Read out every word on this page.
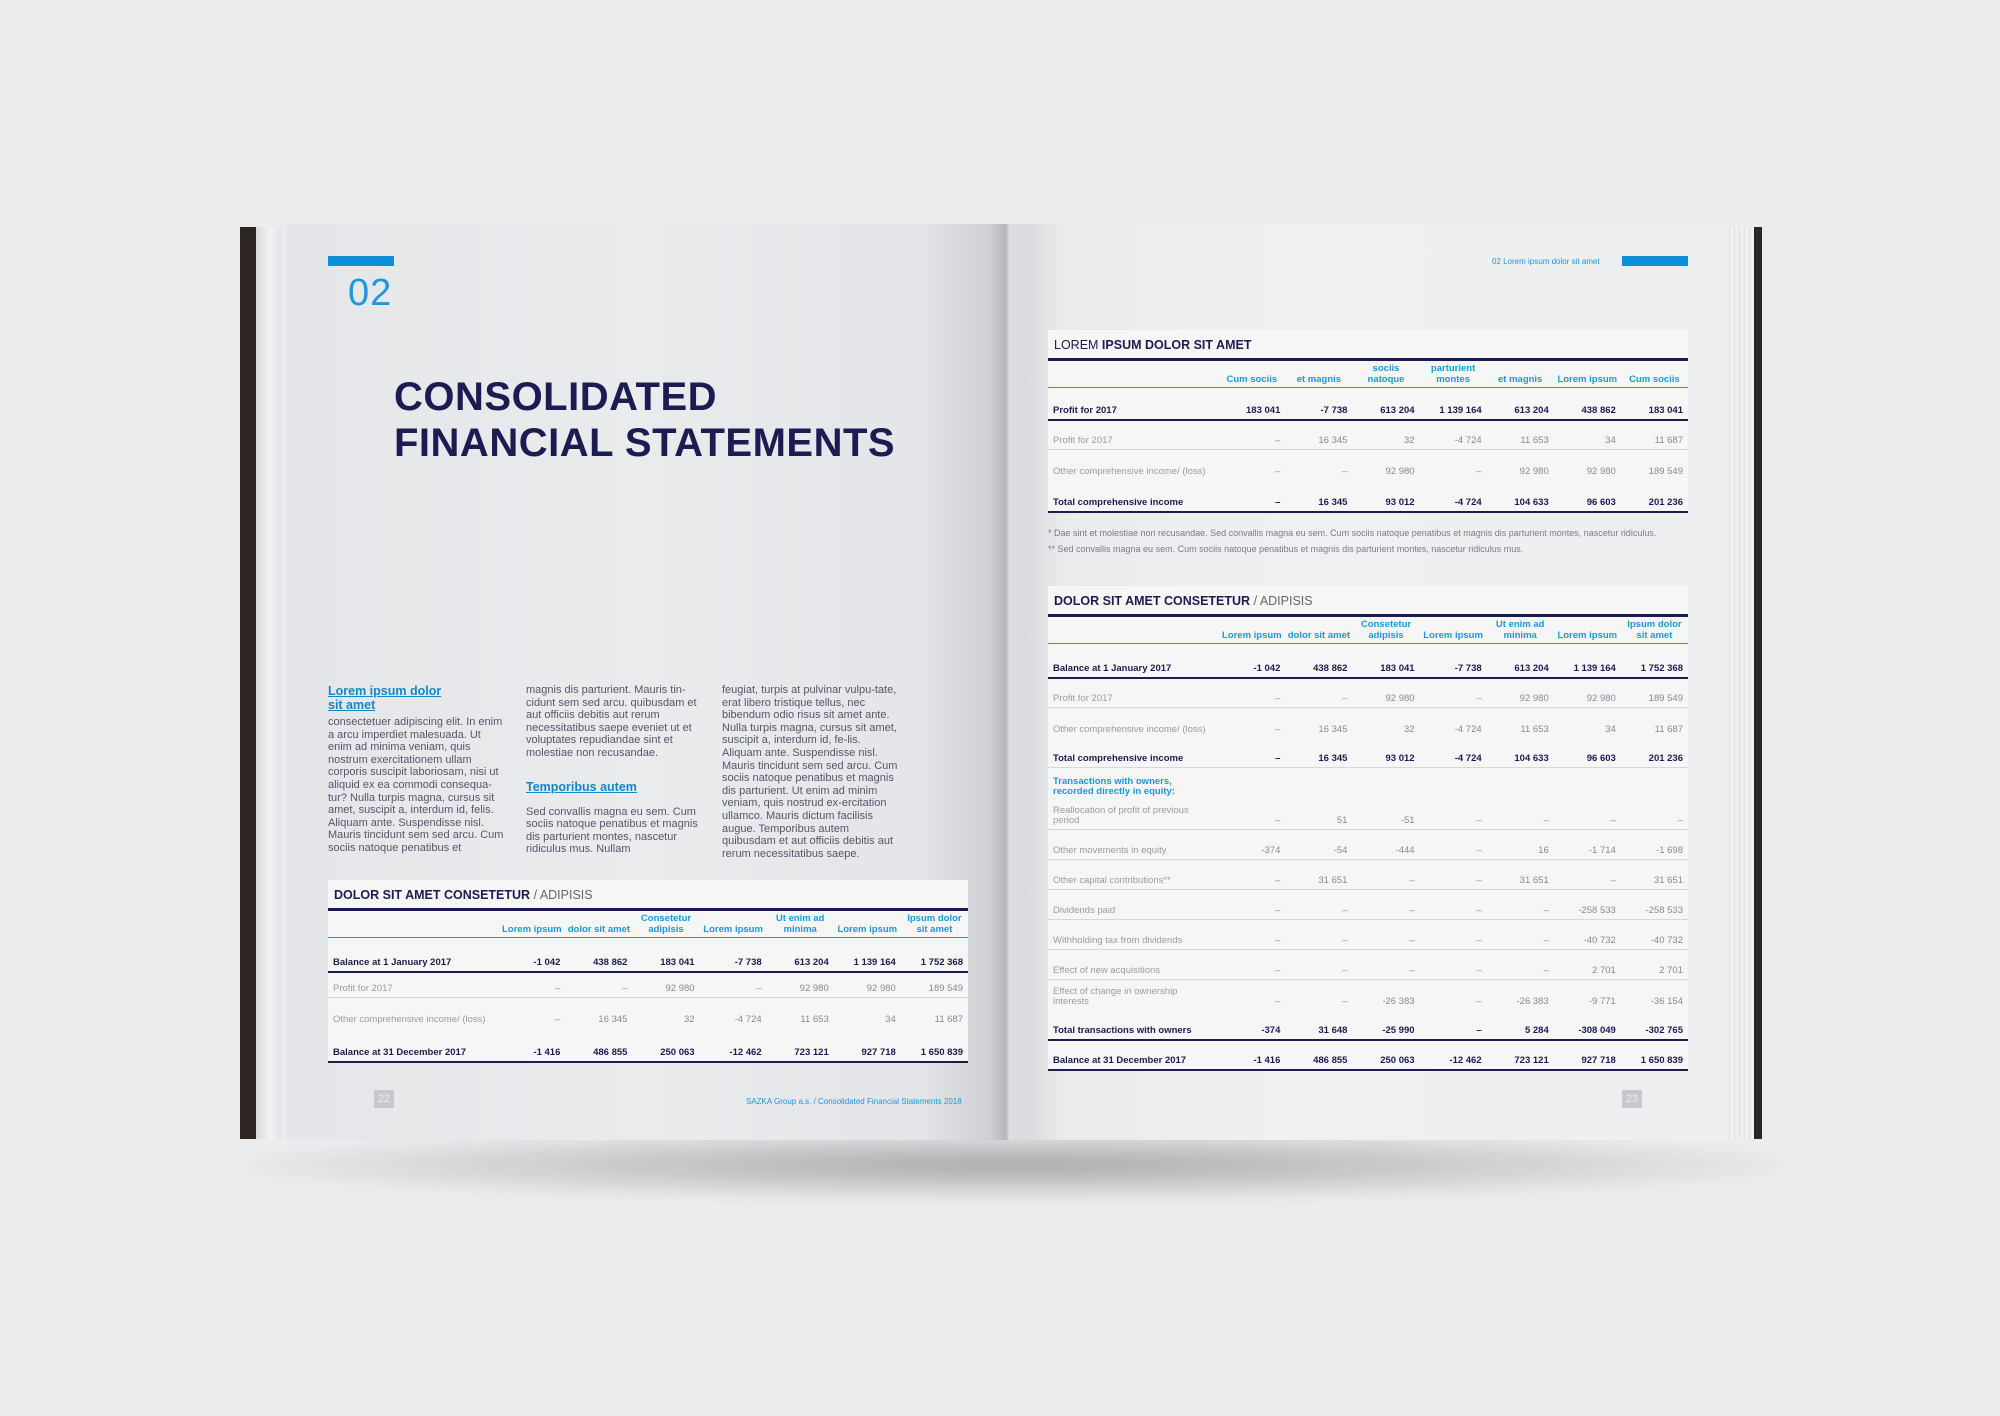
02
CONSOLIDATED
FINANCIAL STATEMENTS
Lorem ipsum dolor sit amet

consectetuer adipiscing elit. In enim a arcu imperdiet malesuada. Ut enim ad minima veniam, quis nostrum exercitationem ullam corporis suscipit laboriosam, nisi ut aliquid ex ea commodi consequa-tur? Nulla turpis magna, cursus sit amet, suscipit a, interdum id, felis. Aliquam ante. Suspendisse nisl. Mauris tincidunt sem sed arcu. Cum sociis natoque penatibus et

magnis dis parturient. Mauris tin-cidunt sem sed arcu. quibusdam et aut officiis debitis aut rerum necessitatibus saepe eveniet ut et voluptates repudiandae sint et molestiae non recusandae.

Temporibus autem

Sed convallis magna eu sem. Cum sociis natoque penatibus et magnis dis parturient montes, nascetur ridiculus mus. Nullam

feugiat, turpis at pulvinar vulpu-tate, erat libero tristique tellus, nec bibendum odio risus sit amet ante. Nulla turpis magna, cursus sit amet, suscipit a, interdum id, fe-lis. Aliquam ante. Suspendisse nisl. Mauris tincidunt sem sed arcu. Cum sociis natoque penatibus et magnis dis parturient. Ut enim ad minim veniam, quis nostrud ex-ercitation ullamco. Mauris dictum facilisis augue. Temporibus autem quibusdam et aut officiis debitis aut rerum necessitatibus saepe.

DOLOR SIT AMET CONSETETUR / ADIPISIS
	Lorem ipsum	dolor sit amet	Consetetur adipisis	Lorem ipsum	Ut enim ad minima	Lorem ipsum	Ipsum dolor sit amet
Balance at 1 January 2017	-1 042	438 862	183 041	-7 738	613 204	1 139 164	1 752 368
Profit for 2017	–	–	92 980	–	92 980	92 980	189 549
Other comprehensive income/ (loss)	–	16 345	32	-4 724	11 653	34	11 687
Balance at 31 December 2017	-1 416	486 855	250 063	-12 462	723 121	927 718	1 650 839
22	SAZKA Group a.s. / Consolidated Financial Statements 2018
02 Lorem ipsum dolor sit amet
LOREM IPSUM DOLOR SIT AMET
	Cum sociis	et magnis	sociis natoque	parturient montes	et magnis	Lorem ipsum	Cum sociis
Profit for 2017	183 041	-7 738	613 204	1 139 164	613 204	438 862	183 041
Profit for 2017	–	16 345	32	-4 724	11 653	34	11 687
Other comprehensive income/ (loss)	–	–	92 980	–	92 980	92 980	189 549
Total comprehensive income	–	16 345	93 012	-4 724	104 633	96 603	201 236
* Dae sint et molestiae non recusandae. Sed convallis magna eu sem. Cum sociis natoque penatibus et magnis dis parturient montes, nascetur ridiculus.
** Sed convallis magna eu sem. Cum sociis natoque penatibus et magnis dis parturient montes, nascetur ridiculus mus.
DOLOR SIT AMET CONSETETUR / ADIPISIS
	Lorem ipsum	dolor sit amet	Consetetur adipisis	Lorem ipsum	Ut enim ad minima	Lorem ipsum	Ipsum dolor sit amet
Balance at 1 January 2017	-1 042	438 862	183 041	-7 738	613 204	1 139 164	1 752 368
Profit for 2017	–	–	92 980	–	92 980	92 980	189 549
Other comprehensive income/ (loss)	–	16 345	32	-4 724	11 653	34	11 687
Total comprehensive income	–	16 345	93 012	-4 724	104 633	96 603	201 236
Transactions with owners, recorded directly in equity:							
Reallocation of profit of previous period	–	51	-51	–	–	–	–
Other movements in equity	-374	-54	-444	–	16	-1 714	-1 698
Other capital contributions**	–	31 651	–	–	31 651	–	31 651
Dividends paid	–	–	–	–	–	-258 533	-258 533
Withholding tax from dividends	–	–	–	–	–	-40 732	-40 732
Effect of new acquisitions	–	–	–	–	–	2 701	2 701
Effect of change in ownership interests	–	–	-26 383	–	-26 383	-9 771	-36 154
Total transactions with owners	-374	31 648	-25 990	–	5 284	-308 049	-302 765
Balance at 31 December 2017	-1 416	486 855	250 063	-12 462	723 121	927 718	1 650 839
23
